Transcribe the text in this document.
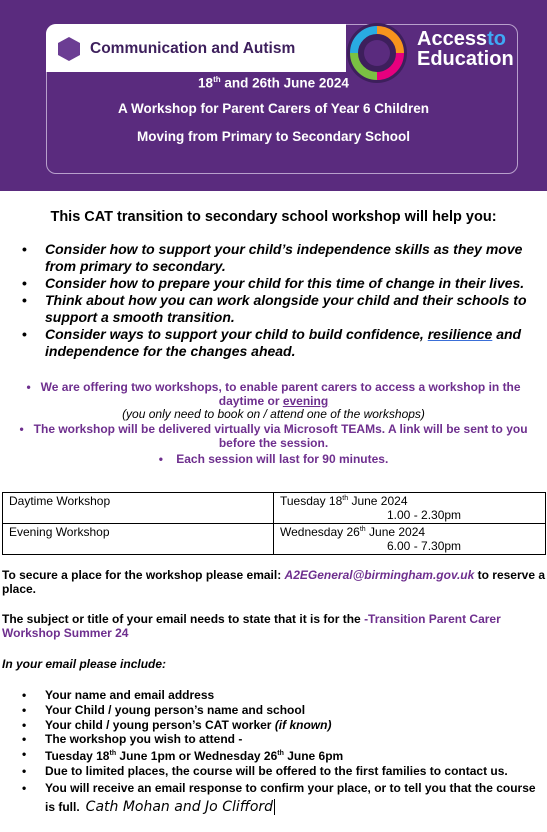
Communication and Autism	Accessto
Education
18th and 26th June 2024
A Workshop for Parent Carers of Year 6 Children
Moving from Primary to Secondary School
This CAT transition to secondary school workshop will help you:
• Consider how to support your child’s independence skills as they move from primary to secondary.
• Consider how to prepare your child for this time of change in their lives.
• Think about how you can work alongside your child and their schools to support a smooth transition.
• Consider ways to support your child to build confidence, resilience and independence for the changes ahead.
• We are offering two workshops, to enable parent carers to access a workshop in the
daytime or evening
(you only need to book on / attend one of the workshops)
• The workshop will be delivered virtually via Microsoft TEAMs. A link will be sent to you
before the session.
• Each session will last for 90 minutes.
Daytime Workshop	Tuesday 18th June 2024
1.00 - 2.30pm

Evening Workshop	Wednesday 26th June 2024
6.00 - 7.30pm
To secure a place for the workshop please email: A2EGeneral@birmingham.gov.uk to reserve a place.
The subject or title of your email needs to state that it is for the -Transition Parent Carer Workshop Summer 24
In your email please include:
• Your name and email address
• Your Child / young person’s name and school
• Your child / young person’s CAT worker (if known)
• The workshop you wish to attend -
• Tuesday 18th June 1pm or Wednesday 26th June 6pm
• Due to limited places, the course will be offered to the first families to contact us.
• You will receive an email response to confirm your place, or to tell you that the course is full. Cath Mohan and Jo Clifford
